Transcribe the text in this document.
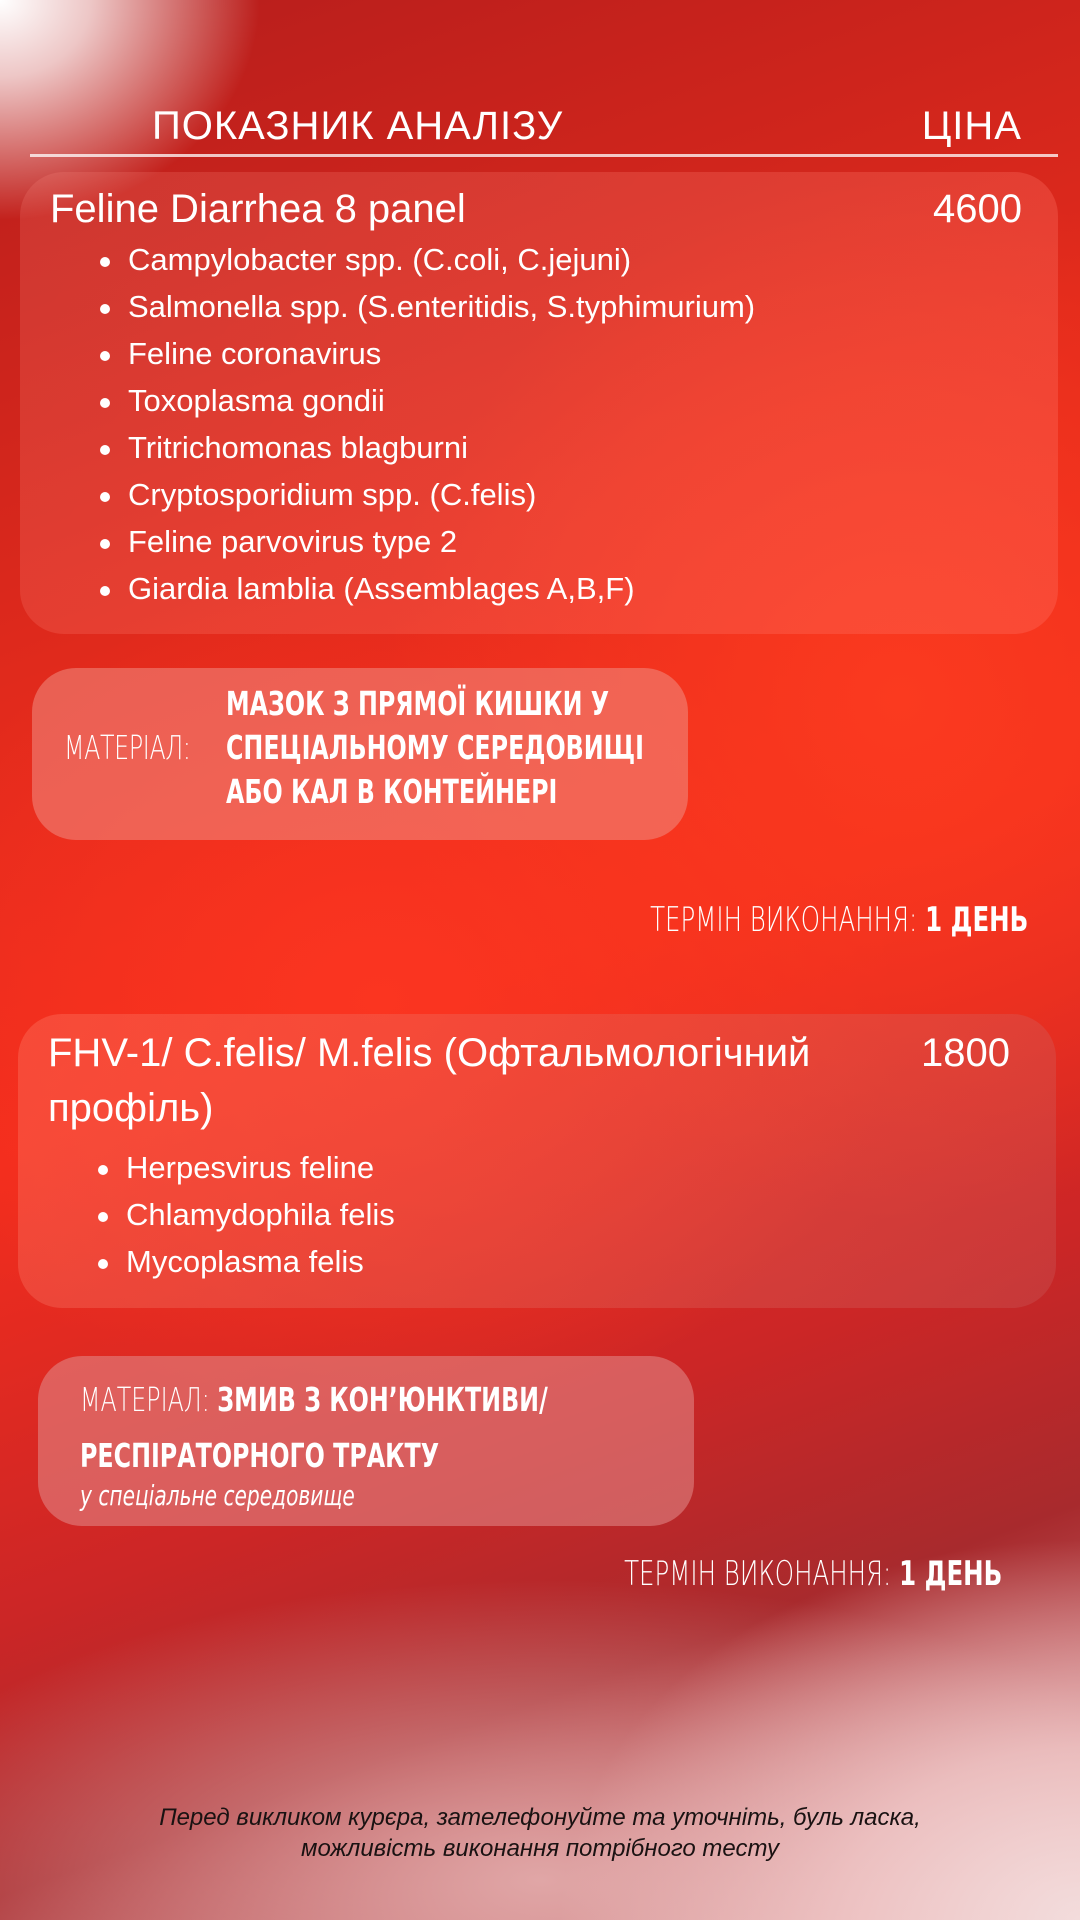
ПОКАЗНИК АНАЛІЗУ	ЦІНА
Feline Diarrhea 8 panel	4600
Campylobacter spp. (C.coli, C.jejuni)
Salmonella spp. (S.enteritidis, S.typhimurium)
Feline coronavirus
Toxoplasma gondii
Tritrichomonas blagburni
Cryptosporidium spp. (C.felis)
Feline parvovirus type 2
Giardia lamblia (Assemblages A,B,F)
МАТЕРІАЛ:
МАЗОК З ПРЯМОЇ КИШКИ У
СПЕЦІАЛЬНОМУ СЕРЕДОВИЩІ
АБО КАЛ В КОНТЕЙНЕРІ
ТЕРМІН ВИКОНАННЯ: 1 ДЕНЬ
FHV-1/ C.felis/ M.felis (Офтальмологічний профіль)
1800
Herpesvirus feline
Chlamydophila felis
Mycoplasma felis
МАТЕРІАЛ: ЗМИВ З КОН’ЮНКТИВИ/
РЕСПІРАТОРНОГО ТРАКТУ
у спеціальне середовище
ТЕРМІН ВИКОНАННЯ: 1 ДЕНЬ
Перед викликом курєра, зателефонуйте та уточніть, буль ласка,
можливість виконання потрібного тесту
